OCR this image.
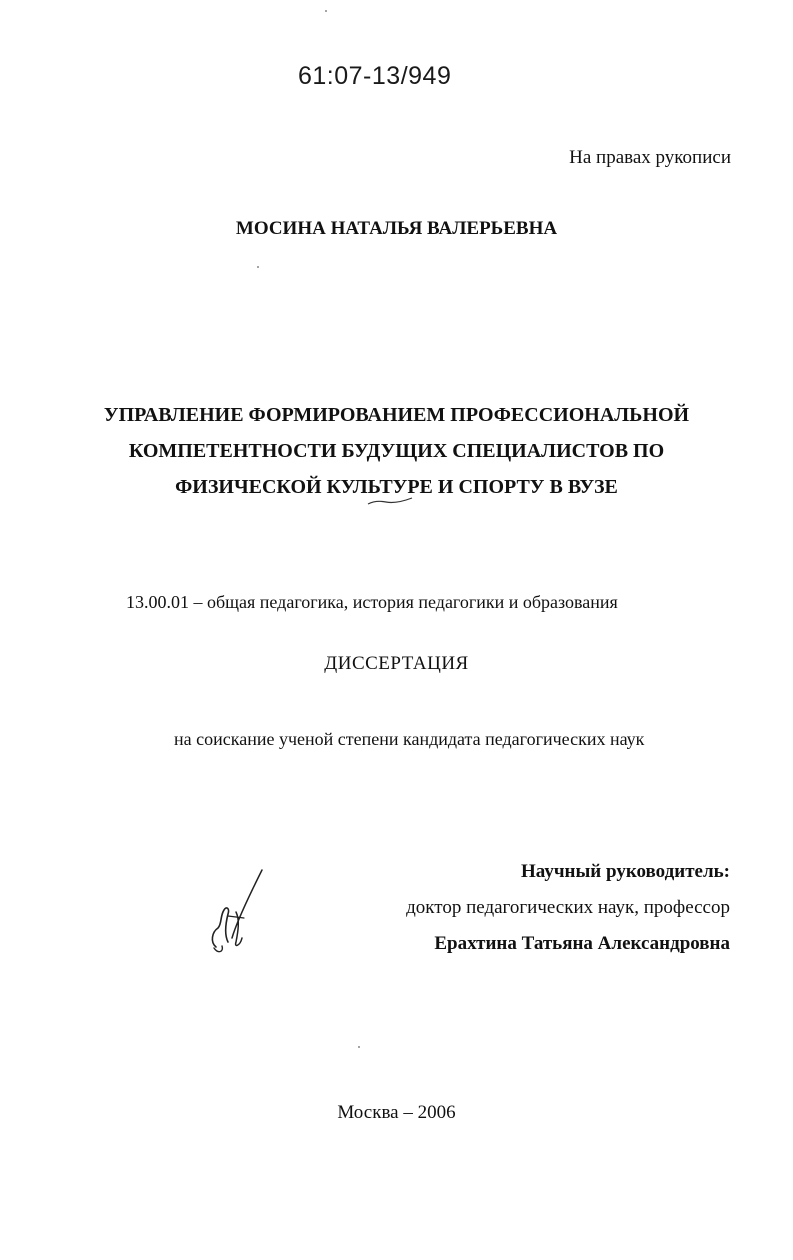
61:07-13/949
На правах рукописи
МОСИНА НАТАЛЬЯ ВАЛЕРЬЕВНА
УПРАВЛЕНИЕ ФОРМИРОВАНИЕМ ПРОФЕССИОНАЛЬНОЙ
КОМПЕТЕНТНОСТИ БУДУЩИХ СПЕЦИАЛИСТОВ ПО
ФИЗИЧЕСКОЙ КУЛЬТУРЕ И СПОРТУ В ВУЗЕ
13.00.01 – общая педагогика, история педагогики и образования
ДИССЕРТАЦИЯ
на соискание ученой степени кандидата педагогических наук
Научный руководитель:
доктор педагогических наук, профессор
Ерахтина Татьяна Александровна
Москва – 2006
